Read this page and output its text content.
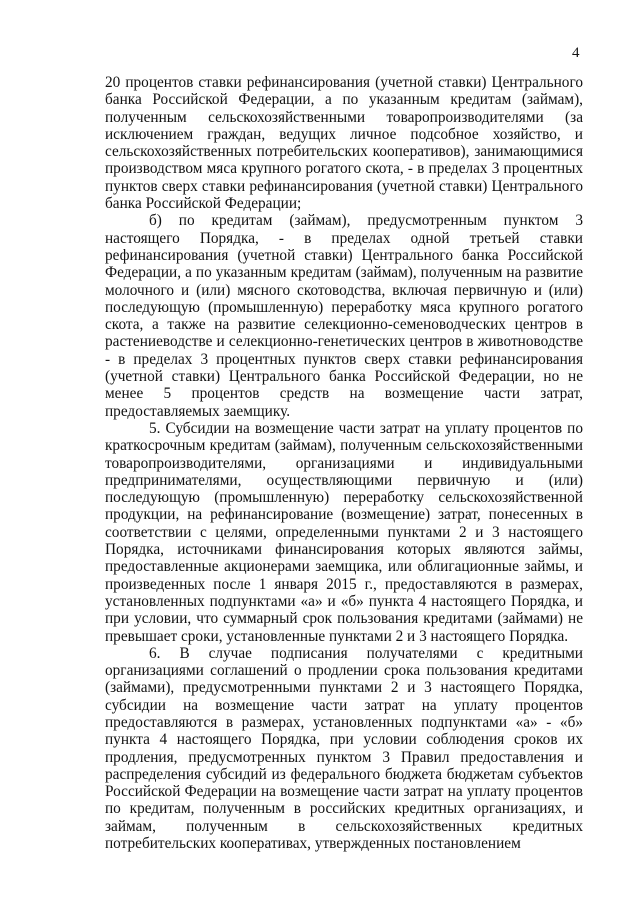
4

20 процентов ставки рефинансирования (учетной ставки) Центрального банка Российской Федерации, а по указанным кредитам (займам), полученным сельскохозяйственными товаропроизводителями (за исключением граждан, ведущих личное подсобное хозяйство, и сельскохозяйственных потребительских кооперативов), занимающимися производством мяса крупного рогатого скота, - в пределах 3 процентных пунктов сверх ставки рефинансирования (учетной ставки) Центрального банка Российской Федерации;

б) по кредитам (займам), предусмотренным пунктом 3 настоящего Порядка, - в пределах одной третьей ставки рефинансирования (учетной ставки) Центрального банка Российской Федерации, а по указанным кредитам (займам), полученным на развитие молочного и (или) мясного скотоводства, включая первичную и (или) последующую (промышленную) переработку мяса крупного рогатого скота, а также на развитие селекционно-семеноводческих центров в растениеводстве и селекционно-генетических центров в животноводстве - в пределах 3 процентных пунктов сверх ставки рефинансирования (учетной ставки) Центрального банка Российской Федерации, но не менее 5 процентов средств на возмещение части затрат, предоставляемых заемщику.

5. Субсидии на возмещение части затрат на уплату процентов по краткосрочным кредитам (займам), полученным сельскохозяйственными товаропроизводителями, организациями и индивидуальными предпринимателями, осуществляющими первичную и (или) последующую (промышленную) переработку сельскохозяйственной продукции, на рефинансирование (возмещение) затрат, понесенных в соответствии с целями, определенными пунктами 2 и 3 настоящего Порядка, источниками финансирования которых являются займы, предоставленные акционерами заемщика, или облигационные займы, и произведенных после 1 января 2015 г., предоставляются в размерах, установленных подпунктами «а» и «б» пункта 4 настоящего Порядка, и при условии, что суммарный срок пользования кредитами (займами) не превышает сроки, установленные пунктами 2 и 3 настоящего Порядка.

6. В случае подписания получателями с кредитными организациями соглашений о продлении срока пользования кредитами (займами), предусмотренными пунктами 2 и 3 настоящего Порядка, субсидии на возмещение части затрат на уплату процентов предоставляются в размерах, установленных подпунктами «а» - «б» пункта 4 настоящего Порядка, при условии соблюдения сроков их продления, предусмотренных пунктом 3 Правил предоставления и распределения субсидий из федерального бюджета бюджетам субъектов Российской Федерации на возмещение части затрат на уплату процентов по кредитам, полученным в российских кредитных организациях, и займам, полученным в сельскохозяйственных кредитных потребительских кооперативах, утвержденных постановлением
